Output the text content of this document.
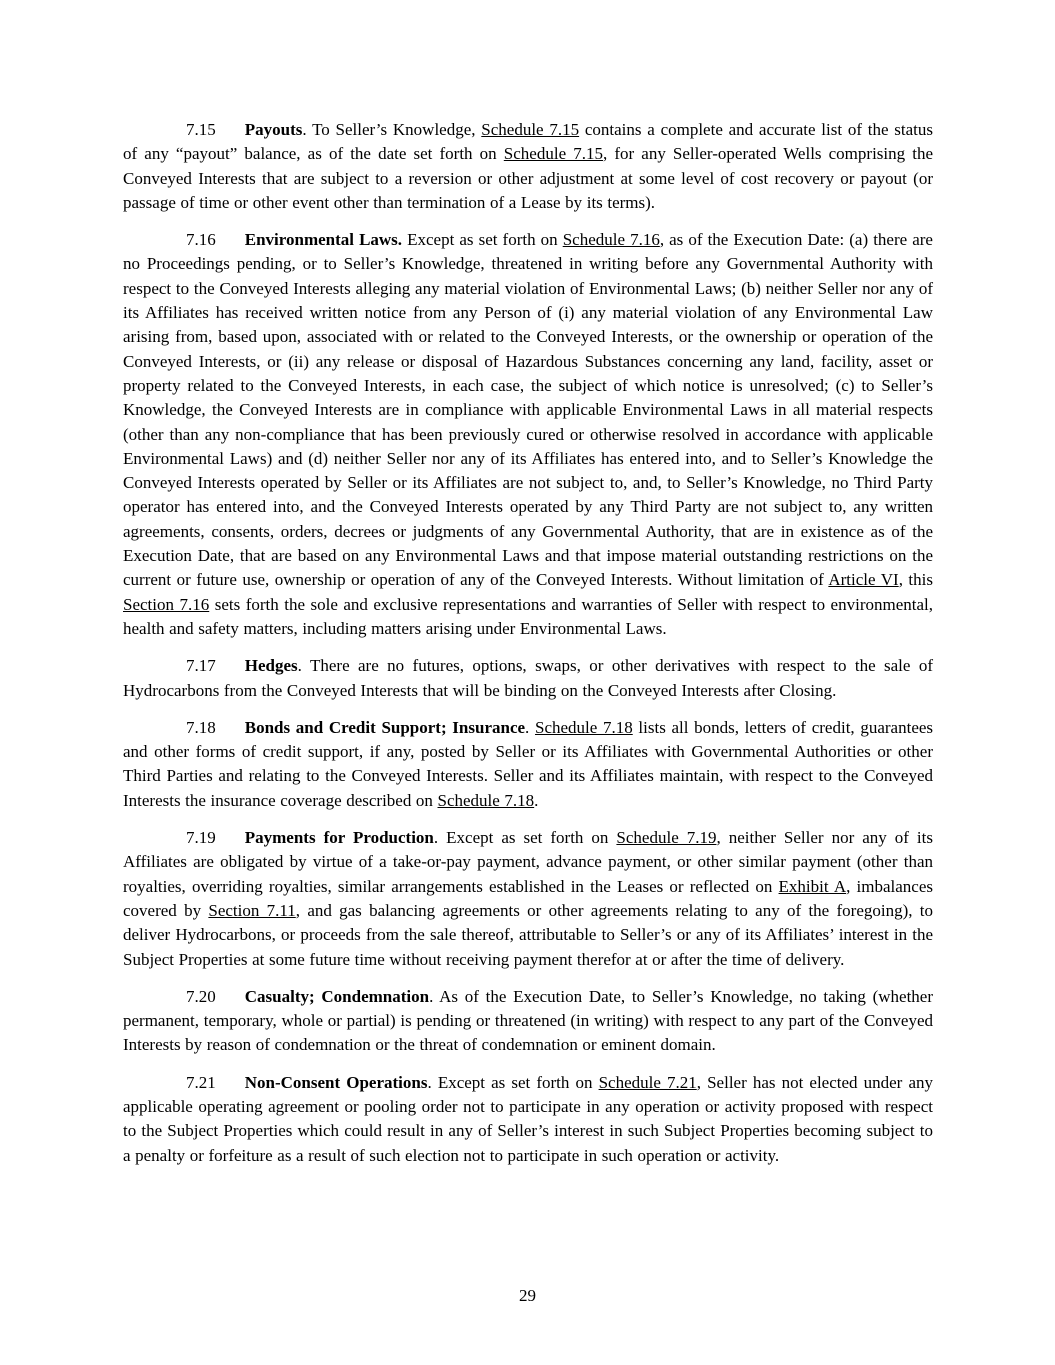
7.15 Payouts. To Seller’s Knowledge, Schedule 7.15 contains a complete and accurate list of the status of any “payout” balance, as of the date set forth on Schedule 7.15, for any Seller-operated Wells comprising the Conveyed Interests that are subject to a reversion or other adjustment at some level of cost recovery or payout (or passage of time or other event other than termination of a Lease by its terms).
7.16 Environmental Laws. Except as set forth on Schedule 7.16, as of the Execution Date: (a) there are no Proceedings pending, or to Seller’s Knowledge, threatened in writing before any Governmental Authority with respect to the Conveyed Interests alleging any material violation of Environmental Laws; (b) neither Seller nor any of its Affiliates has received written notice from any Person of (i) any material violation of any Environmental Law arising from, based upon, associated with or related to the Conveyed Interests, or the ownership or operation of the Conveyed Interests, or (ii) any release or disposal of Hazardous Substances concerning any land, facility, asset or property related to the Conveyed Interests, in each case, the subject of which notice is unresolved; (c) to Seller’s Knowledge, the Conveyed Interests are in compliance with applicable Environmental Laws in all material respects (other than any non-compliance that has been previously cured or otherwise resolved in accordance with applicable Environmental Laws) and (d) neither Seller nor any of its Affiliates has entered into, and to Seller’s Knowledge the Conveyed Interests operated by Seller or its Affiliates are not subject to, and, to Seller’s Knowledge, no Third Party operator has entered into, and the Conveyed Interests operated by any Third Party are not subject to, any written agreements, consents, orders, decrees or judgments of any Governmental Authority, that are in existence as of the Execution Date, that are based on any Environmental Laws and that impose material outstanding restrictions on the current or future use, ownership or operation of any of the Conveyed Interests. Without limitation of Article VI, this Section 7.16 sets forth the sole and exclusive representations and warranties of Seller with respect to environmental, health and safety matters, including matters arising under Environmental Laws.
7.17 Hedges. There are no futures, options, swaps, or other derivatives with respect to the sale of Hydrocarbons from the Conveyed Interests that will be binding on the Conveyed Interests after Closing.
7.18 Bonds and Credit Support; Insurance. Schedule 7.18 lists all bonds, letters of credit, guarantees and other forms of credit support, if any, posted by Seller or its Affiliates with Governmental Authorities or other Third Parties and relating to the Conveyed Interests. Seller and its Affiliates maintain, with respect to the Conveyed Interests the insurance coverage described on Schedule 7.18.
7.19 Payments for Production. Except as set forth on Schedule 7.19, neither Seller nor any of its Affiliates are obligated by virtue of a take-or-pay payment, advance payment, or other similar payment (other than royalties, overriding royalties, similar arrangements established in the Leases or reflected on Exhibit A, imbalances covered by Section 7.11, and gas balancing agreements or other agreements relating to any of the foregoing), to deliver Hydrocarbons, or proceeds from the sale thereof, attributable to Seller’s or any of its Affiliates’ interest in the Subject Properties at some future time without receiving payment therefor at or after the time of delivery.
7.20 Casualty; Condemnation. As of the Execution Date, to Seller’s Knowledge, no taking (whether permanent, temporary, whole or partial) is pending or threatened (in writing) with respect to any part of the Conveyed Interests by reason of condemnation or the threat of condemnation or eminent domain.
7.21 Non-Consent Operations. Except as set forth on Schedule 7.21, Seller has not elected under any applicable operating agreement or pooling order not to participate in any operation or activity proposed with respect to the Subject Properties which could result in any of Seller’s interest in such Subject Properties becoming subject to a penalty or forfeiture as a result of such election not to participate in such operation or activity.
29
